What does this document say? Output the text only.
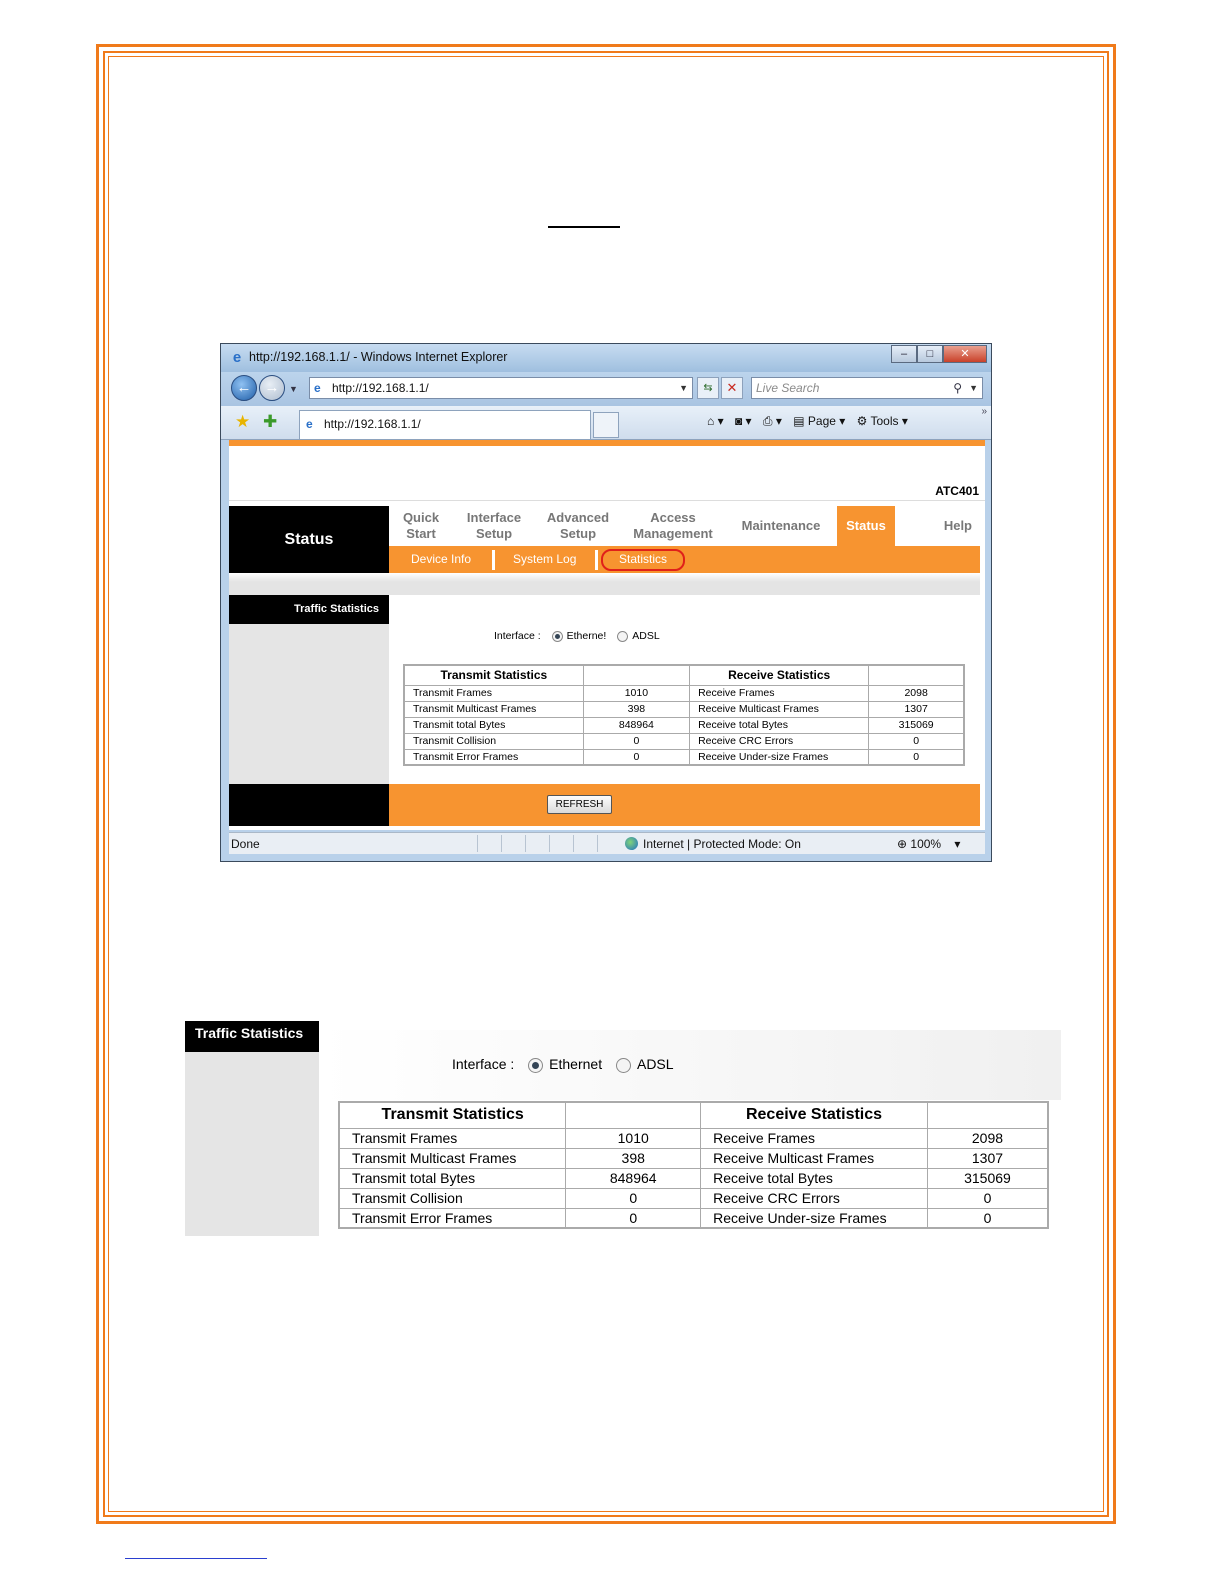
e http://192.168.1.1/ - Windows Internet Explorer	–	□	✕
← →	▼ e http://192.168.1.1/	▼	⇆	✕	Live Search	⚲ ▼
★ ✚ e http://192.168.1.1/	⌂ ▾ ◙ ▾ ⎙ ▾ ▤ Page ▾ ⚙ Tools ▾
»
ATC401
Status
Quick
Start
Interface
Setup
Advanced
Setup
Access
Management
Maintenance	Status	Help
Device Info	System Log	Statistics
Traffic Statistics
Interface : Etherne! ADSL
Transmit Statistics		Receive Statistics	
Transmit Frames	1010	Receive Frames	2098
Transmit Multicast Frames	398	Receive Multicast Frames	1307
Transmit total Bytes	848964	Receive total Bytes	315069
Transmit Collision	0	Receive CRC Errors	0
Transmit Error Frames	0	Receive Under-size Frames	0
REFRESH
Done	Internet | Protected Mode: On	⊕ 100%    ▾
Traffic Statistics
Interface : Ethernet ADSL
Transmit Statistics		Receive Statistics	
Transmit Frames	1010	Receive Frames	2098
Transmit Multicast Frames	398	Receive Multicast Frames	1307
Transmit total Bytes	848964	Receive total Bytes	315069
Transmit Collision	0	Receive CRC Errors	0
Transmit Error Frames	0	Receive Under-size Frames	0
